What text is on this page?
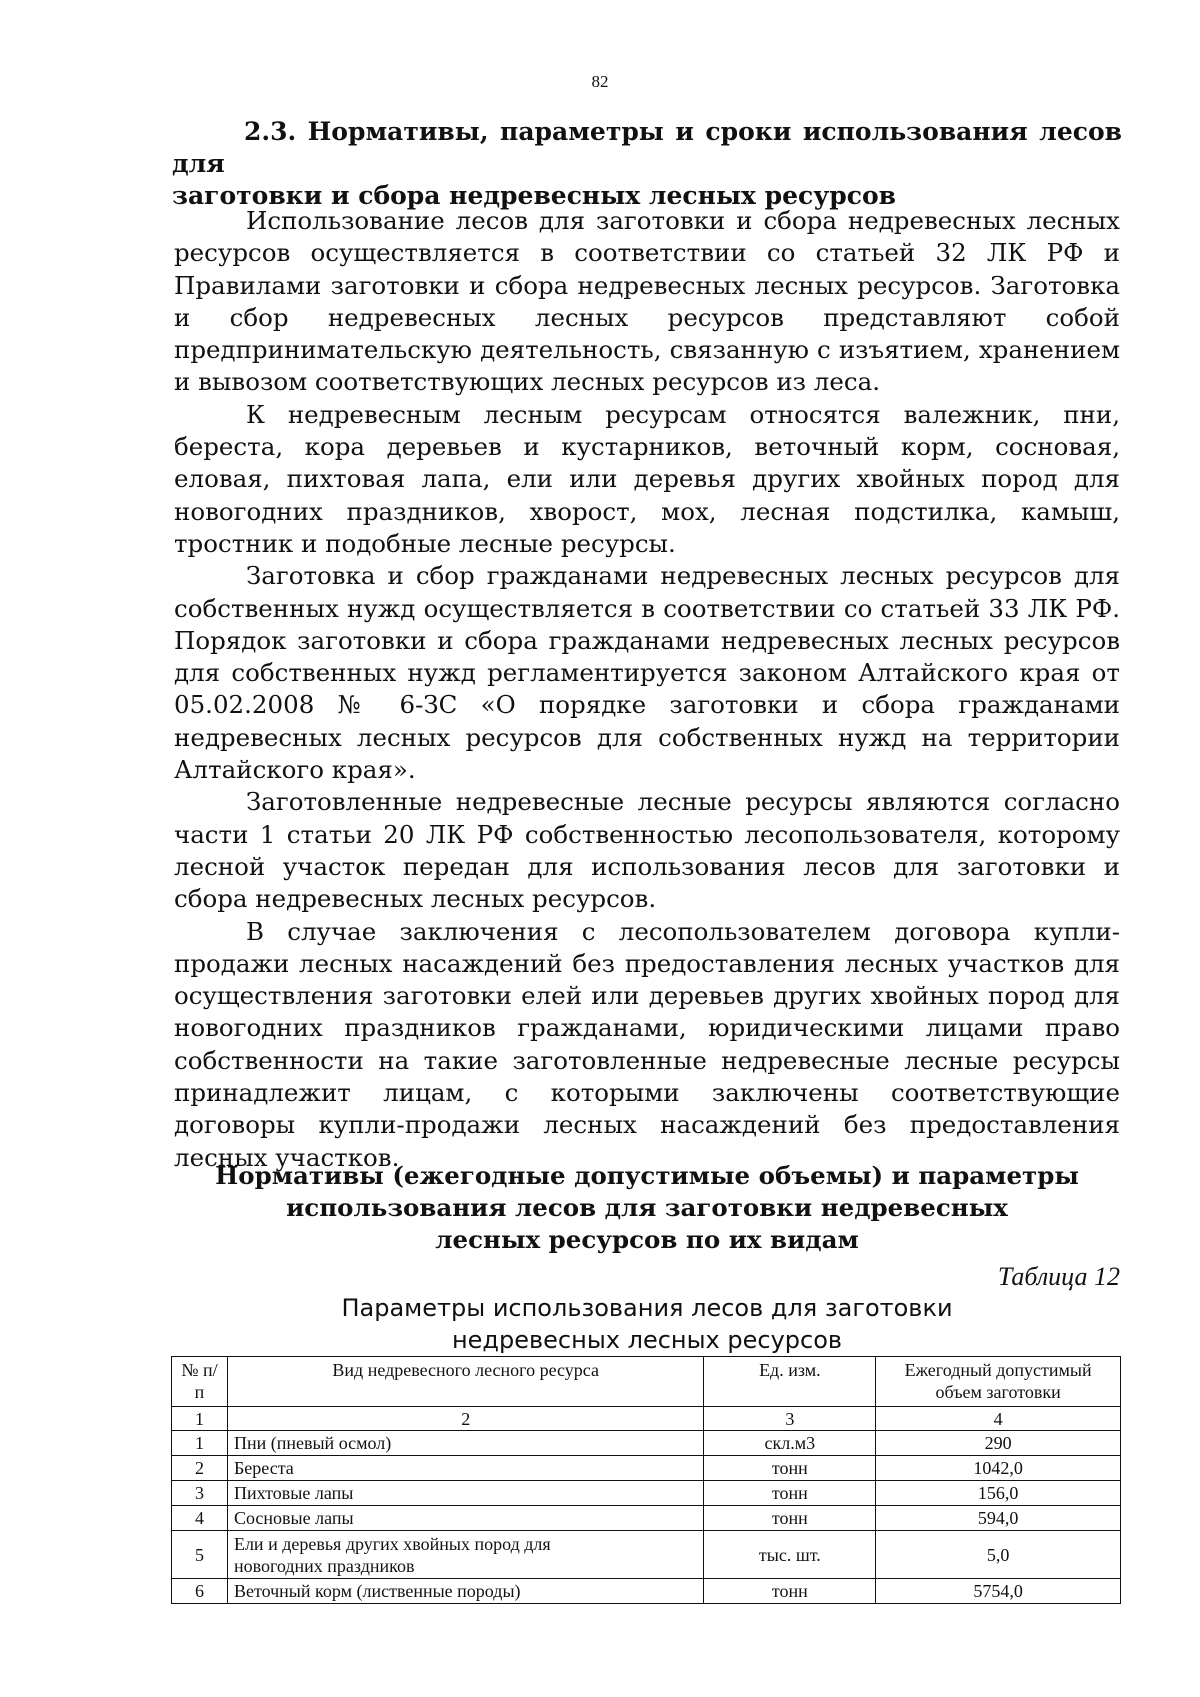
82
2.3. Нормативы, параметры и сроки использования лесов для
заготовки и сбора недревесных лесных ресурсов

Использование лесов для заготовки и сбора недревесных лесных ресурсов осуществляется в соответствии со статьей 32 ЛК РФ и Правилами заготовки и сбора недревесных лесных ресурсов. Заготовка и сбор недревесных лесных ресурсов представляют собой предпринимательскую деятельность, связанную с изъятием, хранением и вывозом соответствующих лесных ресурсов из леса.

К недревесным лесным ресурсам относятся валежник, пни, береста, кора деревьев и кустарников, веточный корм, сосновая, еловая, пихтовая лапа, ели или деревья других хвойных пород для новогодних праздников, хворост, мох, лесная подстилка, камыш, тростник и подобные лесные ресурсы.

Заготовка и сбор гражданами недревесных лесных ресурсов для собственных нужд осуществляется в соответствии со статьей 33 ЛК РФ. Порядок заготовки и сбора гражданами недревесных лесных ресурсов для собственных нужд регламентируется законом Алтайского края от 05.02.2008 № 6-ЗС «О порядке заготовки и сбора гражданами недревесных лесных ресурсов для собственных нужд на территории Алтайского края».

Заготовленные недревесные лесные ресурсы являются согласно части 1 статьи 20 ЛК РФ собственностью лесопользователя, которому лесной участок передан для использования лесов для заготовки и сбора недревесных лесных ресурсов.

В случае заключения с лесопользователем договора купли-продажи лесных насаждений без предоставления лесных участков для осуществления заготовки елей или деревьев других хвойных пород для новогодних праздников гражданами, юридическими лицами право собственности на такие заготовленные недревесные лесные ресурсы принадлежит лицам, с которыми заключены соответствующие договоры купли-продажи лесных насаждений без предоставления лесных участков.

Нормативы (ежегодные допустимые объемы) и параметры
использования лесов для заготовки недревесных
лесных ресурсов по их видам
Таблица 12
Параметры использования лесов для заготовки
недревесных лесных ресурсов
№ п/п	Вид недревесного лесного ресурса	Ед. изм.	Ежегодный допустимый объем заготовки
1	2	3	4
1	Пни (пневый осмол)	скл.м3	290
2	Береста	тонн	1042,0
3	Пихтовые лапы	тонн	156,0
4	Сосновые лапы	тонн	594,0
5	Ели и деревья других хвойных пород для новогодних праздников	тыс. шт.	5,0
6	Веточный корм (лиственные породы)	тонн	5754,0
